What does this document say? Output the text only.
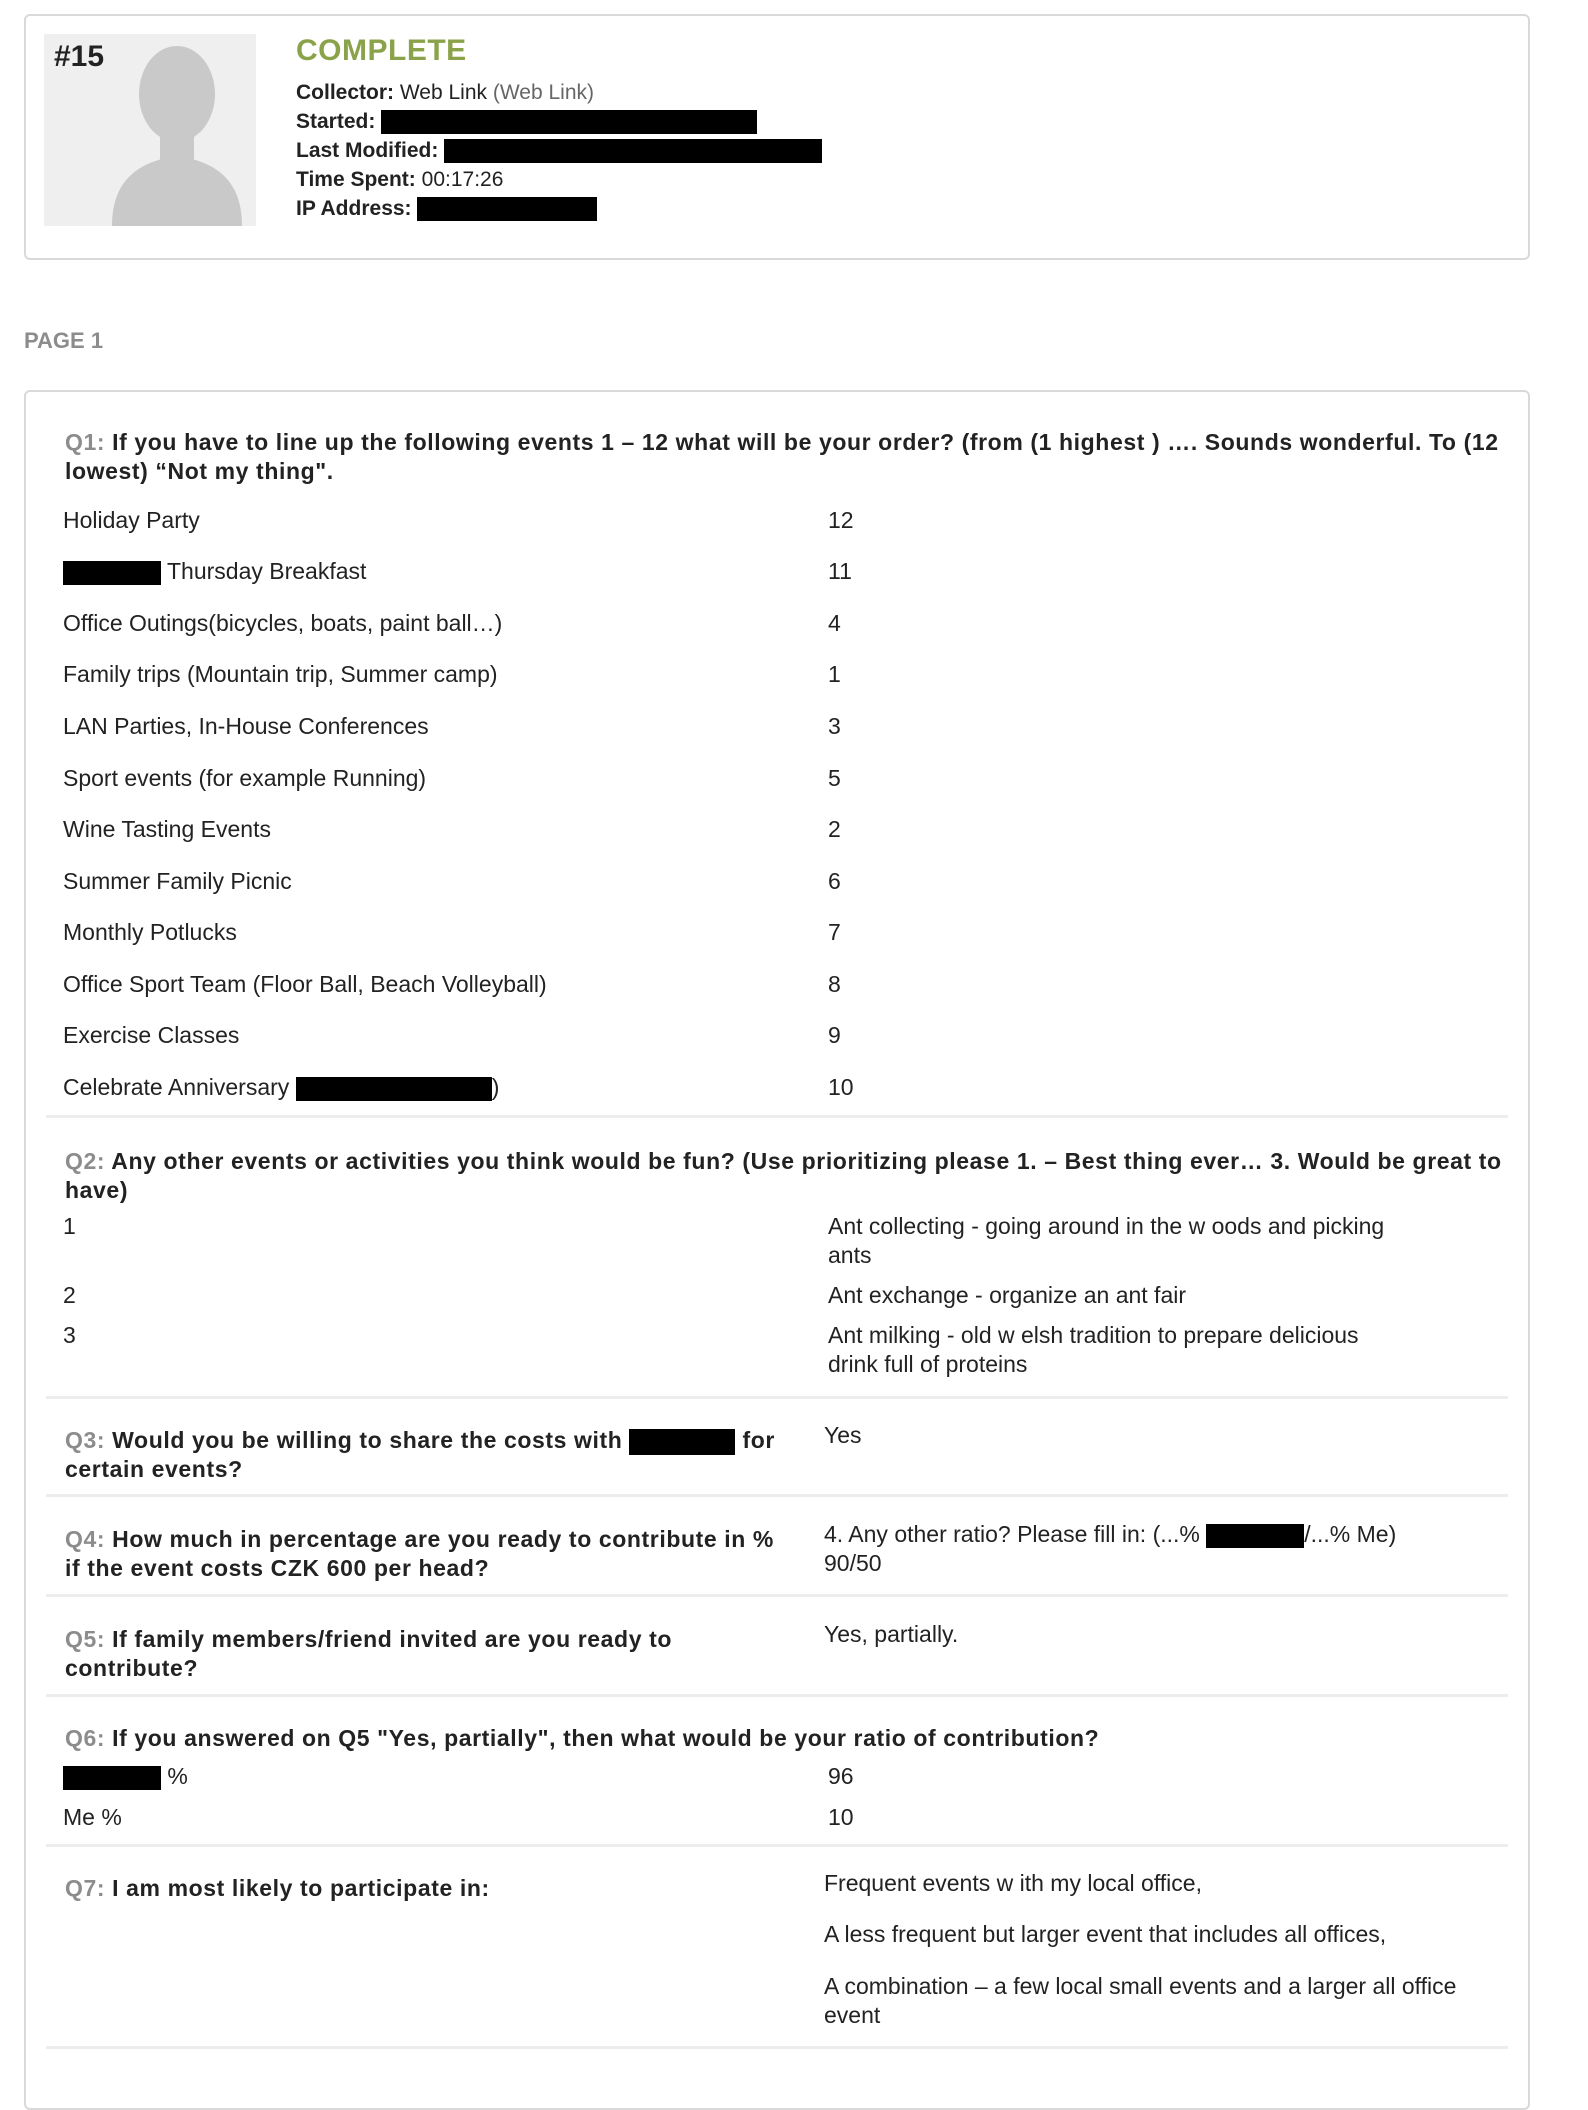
#15	COMPLETE
Collector: Web Link (Web Link)
Started:
Last Modified:
Time Spent: 00:17:26
IP Address:
PAGE 1
Q1: If you have to line up the following events 1 – 12 what will be your order? (from (1 highest ) …. Sounds wonderful. To (12 lowest) “Not my thing".
Holiday Party	12
Thursday Breakfast	11
Office Outings(bicycles, boats, paint ball…)	4
Family trips (Mountain trip, Summer camp)	1
LAN Parties, In-House Conferences	3
Sport events (for example Running)	5
Wine Tasting Events	2
Summer Family Picnic	6
Monthly Potlucks	7
Office Sport Team (Floor Ball, Beach Volleyball)	8
Exercise Classes	9
Celebrate Anniversary	)	10
Q2: Any other events or activities you think would be fun? (Use prioritizing please 1. – Best thing ever… 3. Would be great to have)
1	Ant collecting - going around in the w oods and picking ants
2	Ant exchange - organize an ant fair
3	Ant milking - old w elsh tradition to prepare delicious drink full of proteins
Q3: Would you be willing to share the costs with	for certain events?
Yes
Q4: How much in percentage are you ready to contribute in % if the event costs CZK 600 per head?
4. Any other ratio? Please fill in: (...%	/...% Me)
90/50
Q5: If family members/friend invited are you ready to contribute?
Yes, partially.
Q6: If you answered on Q5 "Yes, partially", then what would be your ratio of contribution?
%	96
Me %	10
Q7: I am most likely to participate in:	Frequent events w ith my local office,
A less frequent but larger event that includes all offices,
A combination – a few local small events and a larger all office event
